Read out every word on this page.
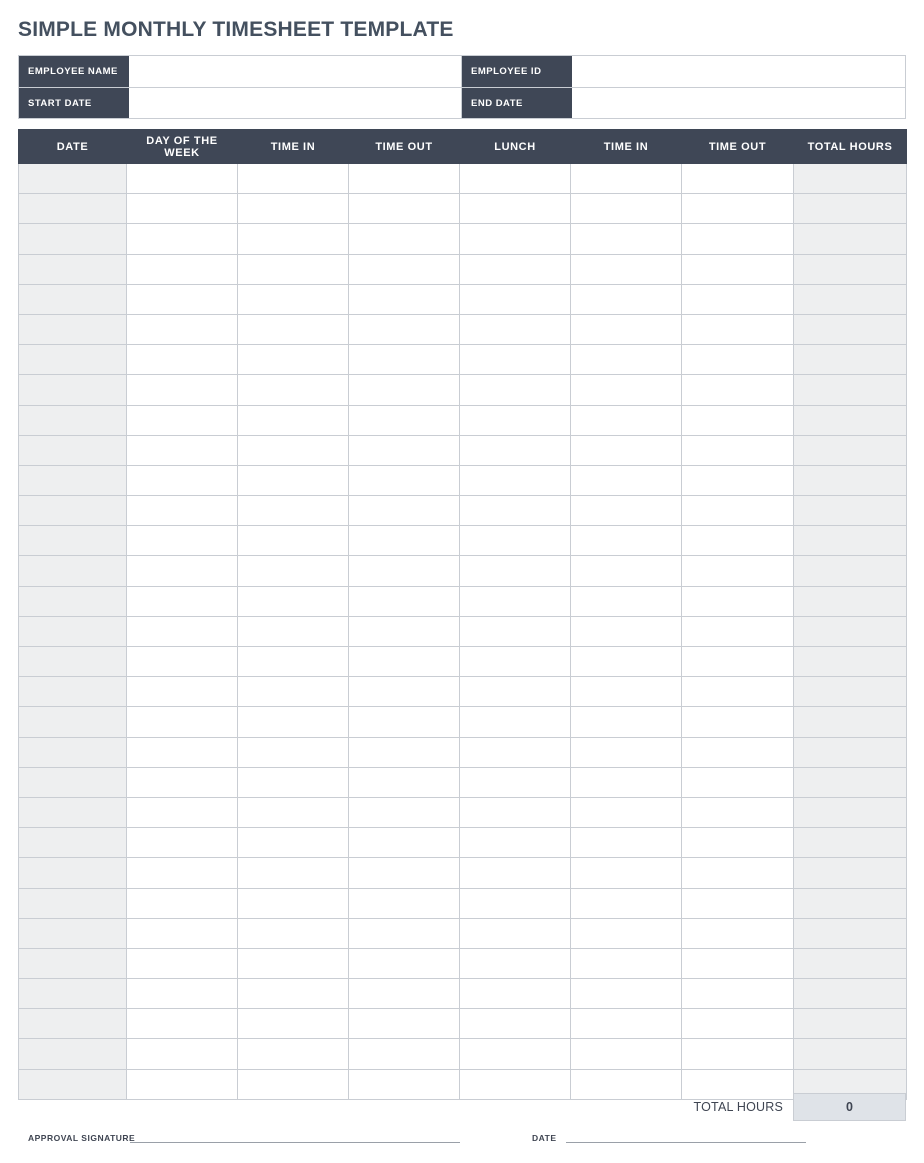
SIMPLE MONTHLY TIMESHEET TEMPLATE
EMPLOYEE NAME	EMPLOYEE ID
START DATE	END DATE
DATE	DAY OF THE WEEK	TIME IN	TIME OUT	LUNCH	TIME IN	TIME OUT	TOTAL HOURS

TOTAL HOURS	0
APPROVAL SIGNATURE	DATE
